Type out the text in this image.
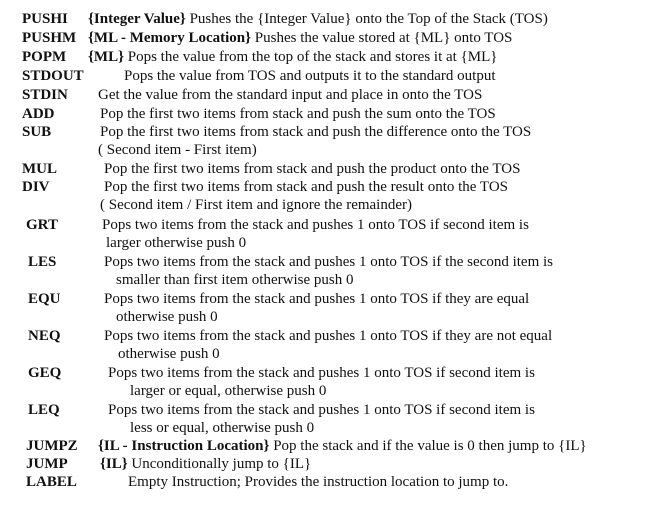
PUSHI {Integer Value} Pushes the {Integer Value} onto the Top of the Stack (TOS)
PUSHM {ML - Memory Location} Pushes the value stored at {ML} onto TOS
POPM {ML} Pops the value from the top of the stack and stores it at {ML}
STDOUT	Pops the value from TOS and outputs it to the standard output
STDIN Get the value from the standard input and place in onto the TOS
ADD	Pop the first two items from stack and push the sum onto the TOS
SUB	Pop the first two items from stack and push the difference onto the TOS
( Second item - First item)
MUL	Pop the first two items from stack and push the product onto the TOS
DIV	Pop the first two items from stack and push the result onto the TOS
( Second item / First item and ignore the remainder)
GRT	Pops two items from the stack and pushes 1 onto TOS if second item is
larger otherwise push 0
LES	Pops two items from the stack and pushes 1 onto TOS if the second item is
smaller than first item otherwise push 0
EQU	Pops two items from the stack and pushes 1 onto TOS if they are equal
otherwise push 0
NEQ	Pops two items from the stack and pushes 1 onto TOS if they are not equal
otherwise push 0
GEQ	Pops two items from the stack and pushes 1 onto TOS if second item is
larger or equal, otherwise push 0
LEQ	Pops two items from the stack and pushes 1 onto TOS if second item is
less or equal, otherwise push 0
JUMPZ {IL - Instruction Location} Pop the stack and if the value is 0 then jump to {IL}
JUMP {IL} Unconditionally jump to {IL}
LABEL	Empty Instruction; Provides the instruction location to jump to.
